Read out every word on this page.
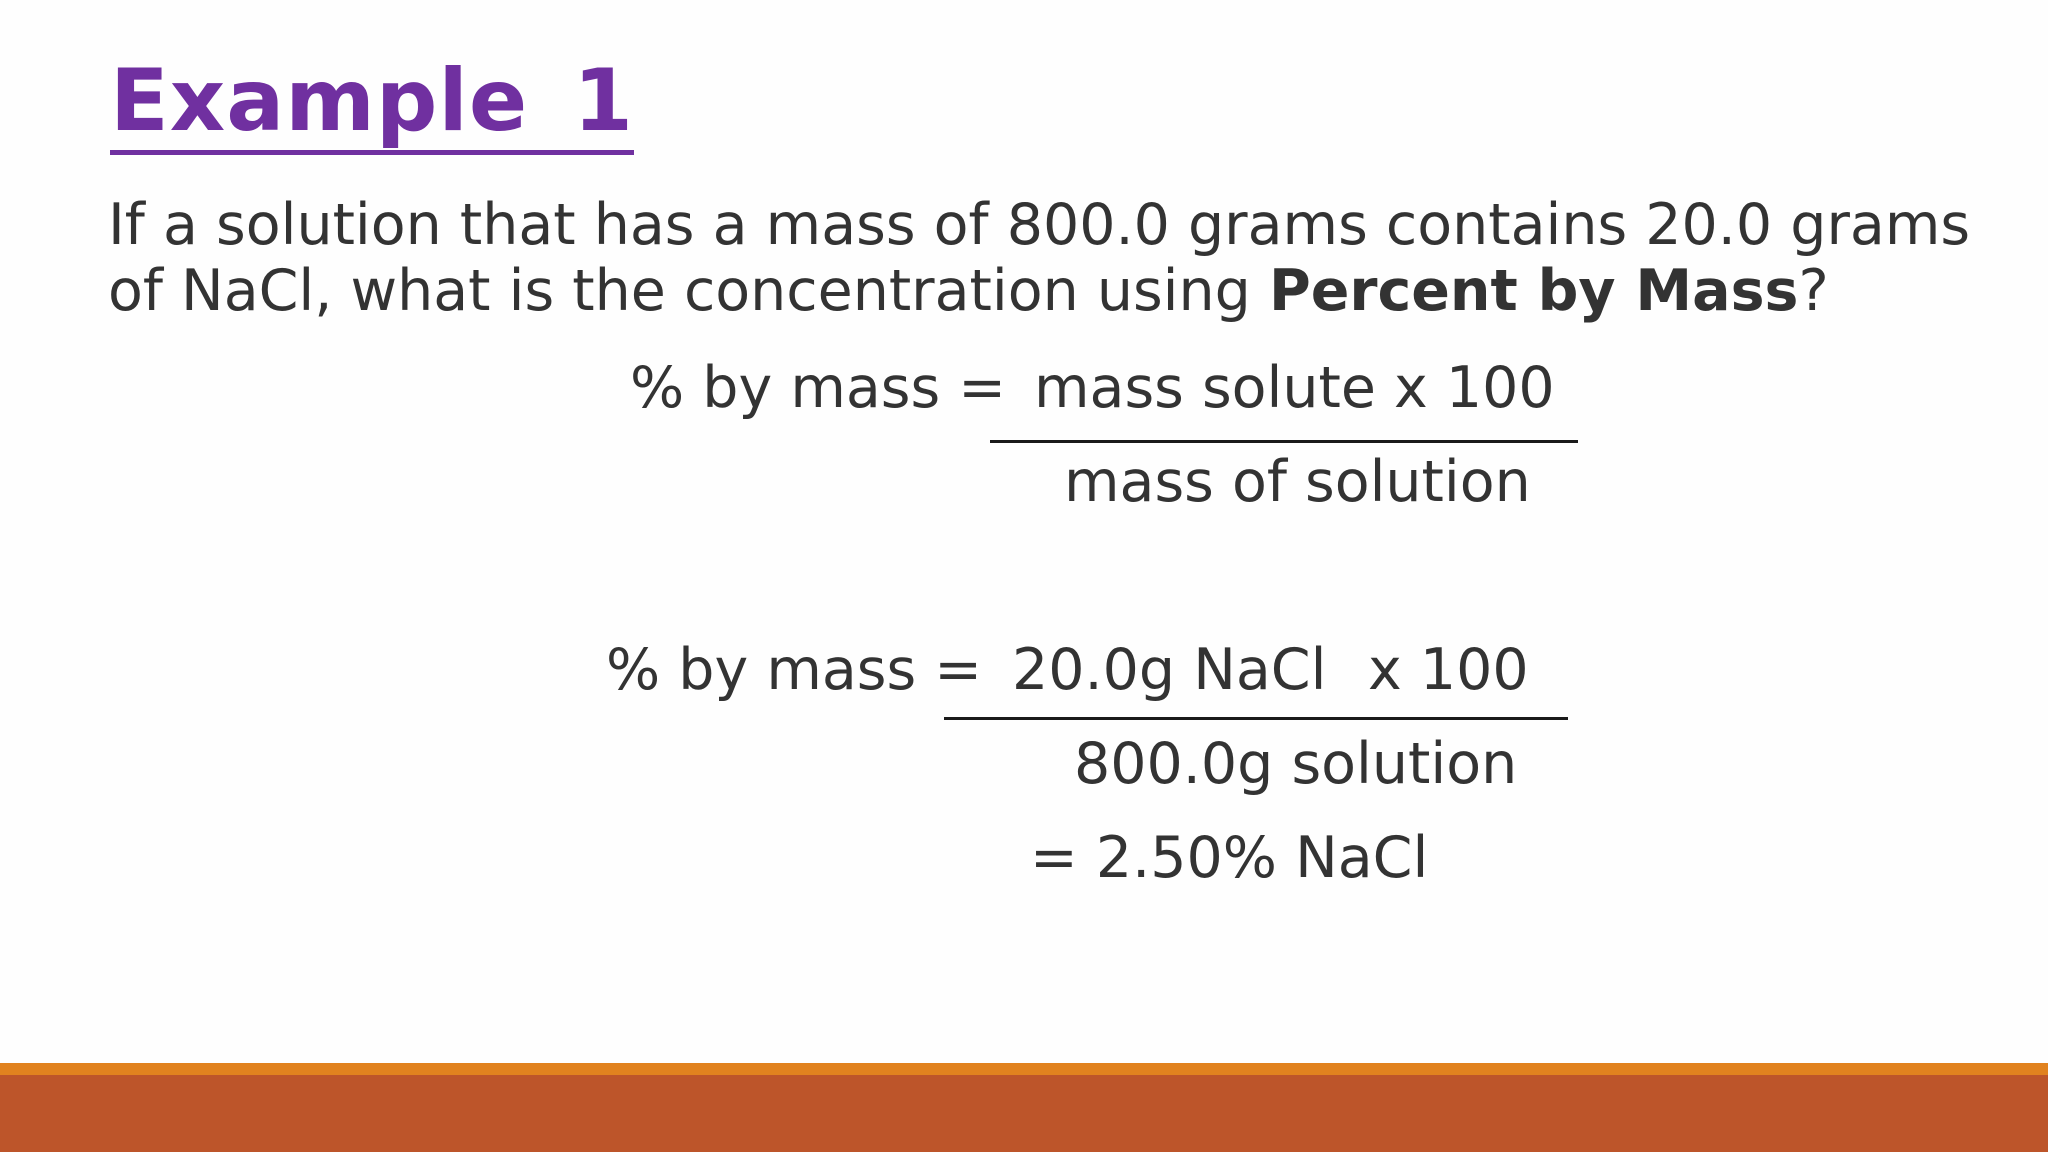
Example 1
If a solution that has a mass of 800.0 grams contains 20.0 grams of NaCl, what is the concentration using Percent by Mass?
% by mass = mass solute x 100
mass of solution
% by mass = 20.0g NaCl x 100
800.0g solution
= 2.50% NaCl
